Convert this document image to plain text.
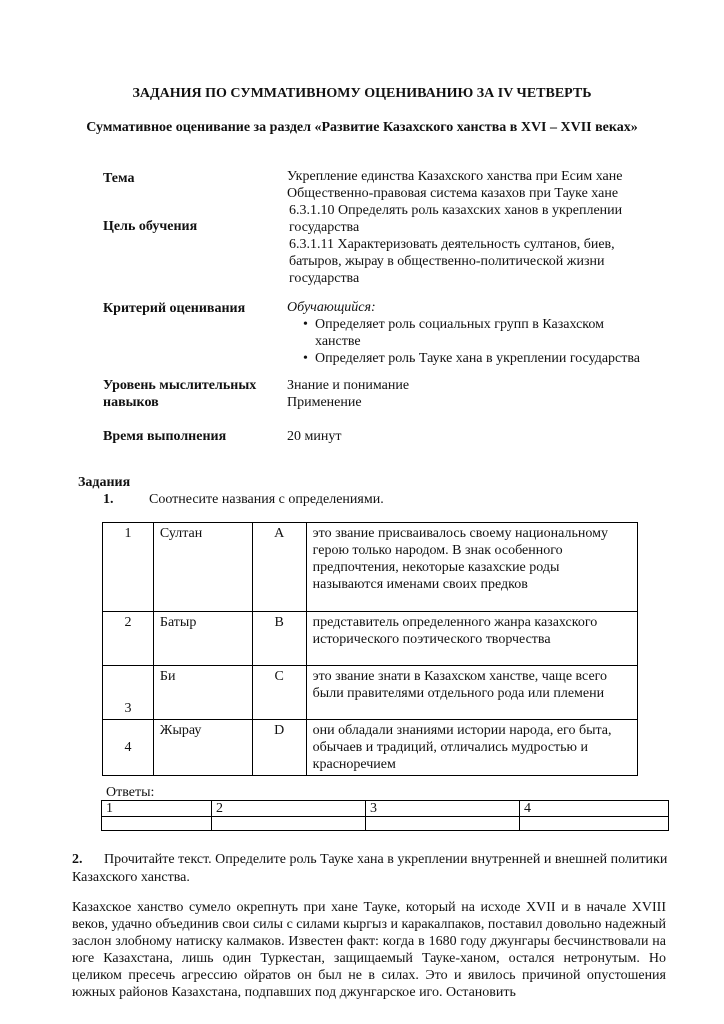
ЗАДАНИЯ ПО СУММАТИВНОМУ ОЦЕНИВАНИЮ ЗА IV ЧЕТВЕРТЬ
Суммативное оценивание за раздел «Развитие Казахского ханства в XVI – XVII веках»
Тема	Укрепление единства Казахского ханства при Есим хане
Общественно-правовая система казахов при Тауке хане
Цель обучения
6.3.1.10 Определять роль казахских ханов в укреплении
государства
6.3.1.11 Характеризовать деятельность султанов, биев,
батыров, жырау в общественно-политической жизни
государства
Критерий оценивания	Обучающийся:
• Определяет роль социальных групп в Казахском ханстве
• Определяет роль Тауке хана в укреплении государства
Уровень мыслительных
навыков
Знание и понимание
Применение
Время выполнения	20 минут
Задания
1.	Соотнесите названия с определениями.
1	Султан	А	это звание присваивалось своему национальному герою только народом. В знак особенного предпочтения, некоторые казахские роды называются именами своих предков
2	Батыр	В	представитель определенного жанра казахского исторического поэтического творчества
3	Би	С	это звание знати в Казахском ханстве, чаще всего были правителями отдельного рода или племени
4	Жырау	D	они обладали знаниями истории народа, его быта, обычаев и традиций, отличались мудростью и красноречием
Ответы:
1	2	3	4

2. Прочитайте текст. Определите роль Тауке хана в укреплении внутренней и внешней политики Казахского ханства.
Казахское ханство сумело окрепнуть при хане Тауке, который на исходе XVII и в начале XVIII веков, удачно объединив свои силы с силами кыргыз и каракалпаков, поставил довольно надежный заслон злобному натиску калмаков. Известен факт: когда в 1680 году джунгары бесчинствовали на юге Казахстана, лишь один Туркестан, защищаемый Тауке-ханом, остался нетронутым. Но целиком пресечь агрессию ойратов он был не в силах. Это и явилось причиной опустошения южных районов Казахстана, подпавших под джунгарское иго. Остановить
